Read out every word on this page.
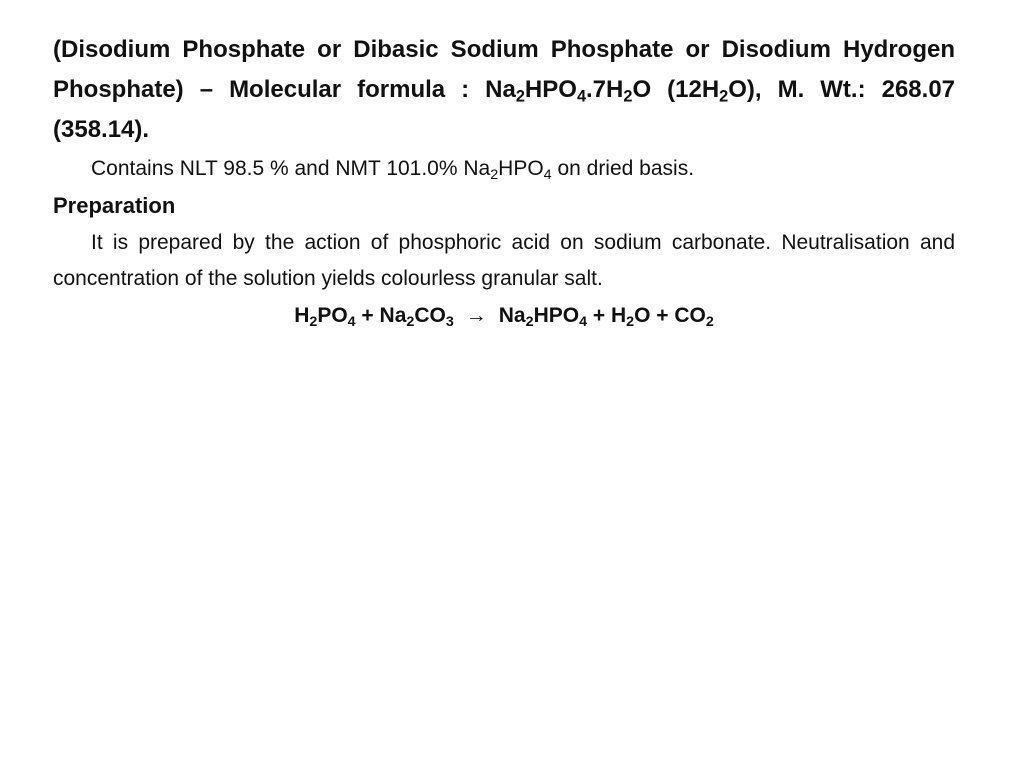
(Disodium Phosphate or Dibasic Sodium Phosphate or Disodium Hydrogen Phosphate) – Molecular formula : $Na_2HPO_4.7H_2O$ $(12H_2O)$, M. Wt.: 268.07 (358.14).

Contains NLT 98.5 % and NMT 101.0% $Na_2HPO_4$ on dried basis.

Preparation

It is prepared by the action of phosphoric acid on sodium carbonate. Neutralisation and concentration of the solution yields colourless granular salt.

$H_2PO_4 + Na_2CO_3 \to Na_2HPO_4 + H_2O + CO_2$
